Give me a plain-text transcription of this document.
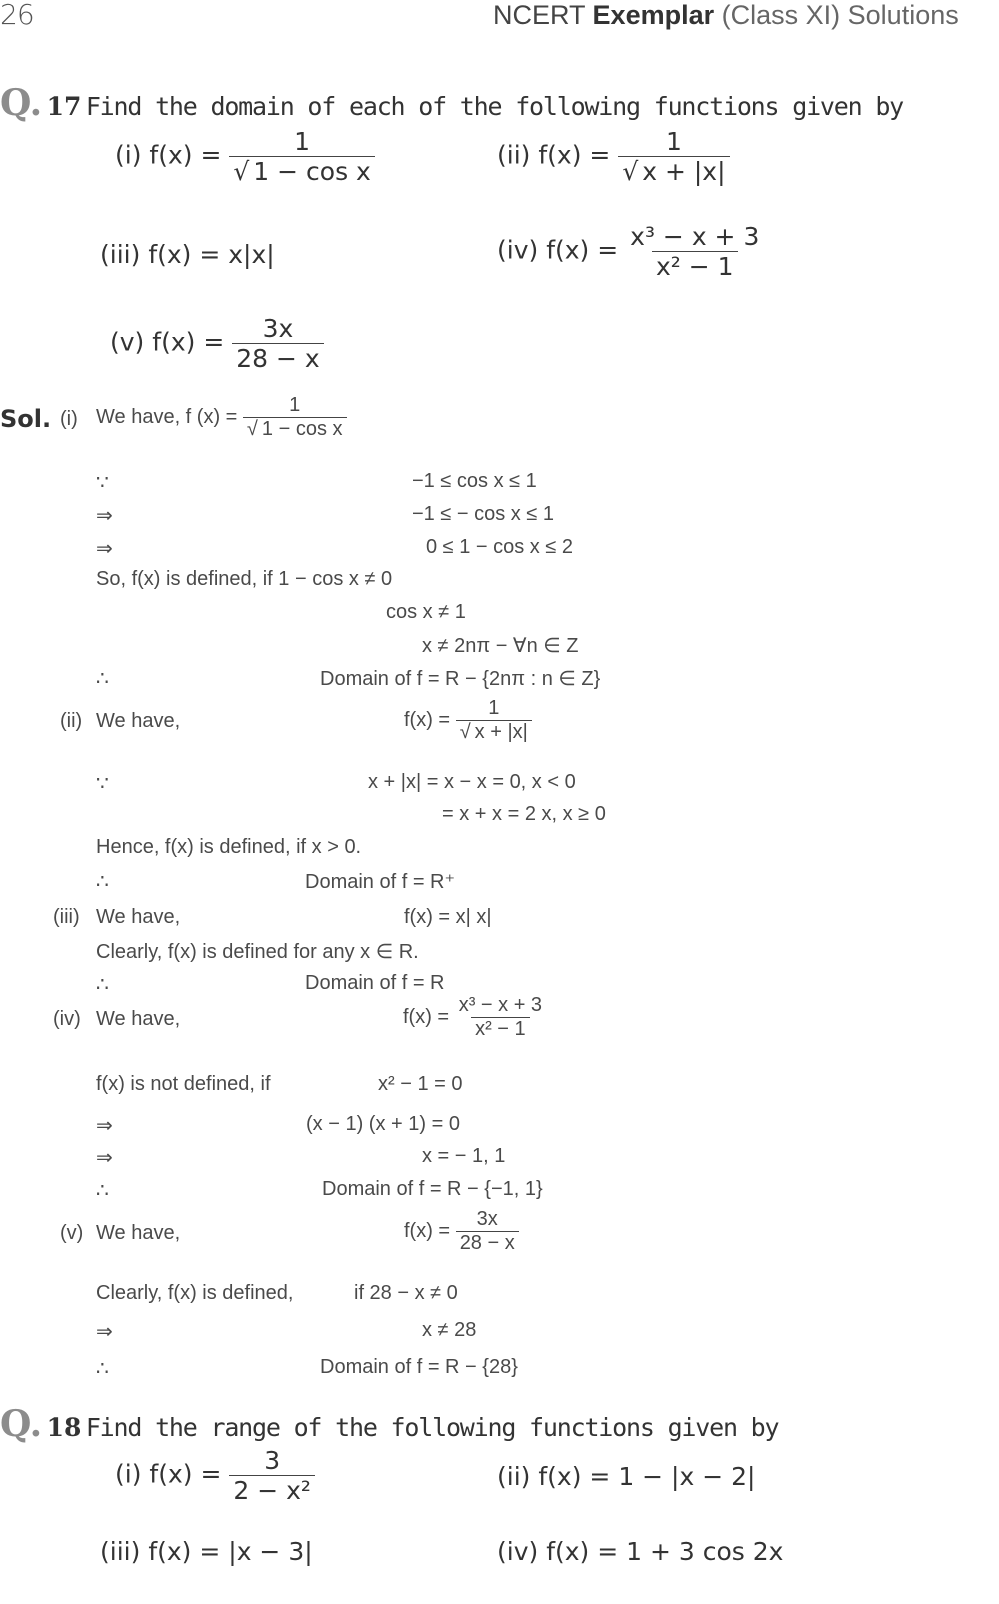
26	NCERT Exemplar (Class XI) Solutions
Q. 17 Find the domain of each of the following functions given by
(i) $f(x) = \frac{1}{\text{√ 1 − cos x}}$	(ii) $f(x) = \frac{1}{√ x + |x|}$
(iii) f(x) = x|x|	(iv) $f(x) = \frac{\text{x³ − x + 3}}{\text{x² − 1}}$
(v) $f(x) = \frac{3x}{28 - x}$
Sol. (i) We have, f $(x) = \frac{1}{\text{√ 1 − cos x}}$
∵	−1 ≤ cos x ≤ 1
⇒	−1 ≤ − cos x ≤ 1
⇒	0 ≤ 1 − cos x ≤ 2
So, f(x) is defined, if 1 − cos x ≠ 0
cos x ≠ 1
x ≠ 2nπ − ∀n ∈ Z
∴	Domain of f = R − {2nπ : n ∈ Z}
(ii) We have,	$f(x) = \frac{1}{√ x + |x|}$
∵	x + |x| = x − x = 0, x < 0
= x + x = 2 x, x ≥ 0
Hence, f(x) is defined, if x > 0.
∴	Domain of f = R⁺
(iii) We have,	f(x) = x| x|
Clearly, f(x) is defined for any x ∈ R.
∴	Domain of f = R
(iv) We have,	$f(x) = \frac{\text{x³ − x + 3}}{\text{x² − 1}}$
f(x) is not defined, if	x² − 1 = 0
⇒	(x − 1) (x + 1) = 0
⇒	x = − 1, 1
∴	Domain of f = R − {−1, 1}
(v) We have,	$f(x) = \frac{3x}{28 - x}$
Clearly, f(x) is defined,	if 28 − x ≠ 0
⇒	x ≠ 28
∴	Domain of f = R − {28}
Q. 18 Find the range of the following functions given by
(i) $f(x) = \frac{3}{\text{2 − x²}}$	(ii) f(x) = 1 − |x − 2|
(iii) f(x) = |x − 3|	(iv) f(x) = 1 + 3 cos 2x
